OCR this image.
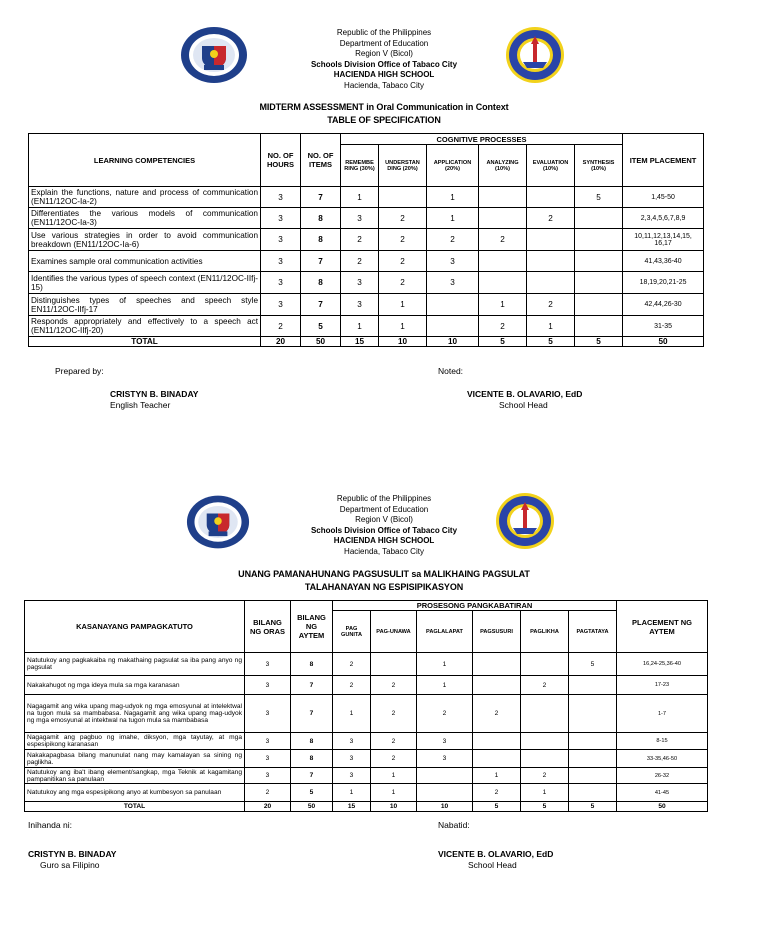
Republic of the Philippines
Department of Education
Region V (Bicol)
Schools Division Office of Tabaco City
HACIENDA HIGH SCHOOL
Hacienda, Tabaco City
MIDTERM ASSESSMENT in Oral Communication in Context
TABLE OF SPECIFICATION
LEARNING COMPETENCIES	NO. OF HOURS	NO. OF ITEMS	COGNITIVE PROCESSES						ITEM PLACEMENT
			REMEMBE RING (30%)	UNDERSTAN DING (20%)	APPLICATION (20%)	ANALYZING (10%)	EVALUATION (10%)	SYNTHESIS (10%)	
Explain the functions, nature and process of communication (EN11/12OC-Ia-2)	3	7	1		1			5	1,45-50
Differentiates the various models of communication (EN11/12OC-Ia-3)	3	8	3	2	1		2		2,3,4,5,6,7,8,9
Use various strategies in order to avoid communication breakdown (EN11/12OC-Ia-6)	3	8	2	2	2	2			10,11,12,13,14,15, 16,17
Examines sample oral communication activities	3	7	2	2	3				41,43,36-40
Identifies the various types of speech context (EN11/12OC-IIfj-15)	3	8	3	2	3				18,19,20,21-25
Distinguishes types of speeches and speech style EN11/12OC-IIfj-17	3	7	3	1		1	2		42,44,26-30
Responds appropriately and effectively to a speech act (EN11/12OC-IIfj-20)	2	5	1	1		2	1		31-35
TOTAL	20	50	15	10	10	5	5	5	50
Prepared by:	Noted:
CRISTYN B. BINADAY
English Teacher
VICENTE B. OLAVARIO, EdD
School Head
Republic of the Philippines
Department of Education
Region V (Bicol)
Schools Division Office of Tabaco City
HACIENDA HIGH SCHOOL
Hacienda, Tabaco City
UNANG PAMANAHUNANG PAGSUSULIT sa MALIKHAING PAGSULAT
TALAHANAYAN NG ESPISIPIKASYON
KASANAYANG PAMPAGKATUTO	BILANG NG ORAS	BILANG NG AYTEM	PROSESONG PANGKABATIRAN						PLACEMENT NG AYTEM
			PAG GUNITA	PAG-UNAWA	PAGLALAPAT	PAGSUSURI	PAGLIKHA	PAGTATAYA	
Natutukoy ang pagkakaiba ng makathaing pagsulat sa iba pang anyo ng pagsulat	3	8	2		1			5	16,24-25,36-40
Nakakahugot ng mga ideya mula sa mga karanasan	3	7	2	2	1		2		17-23
Nagagamit ang wika upang mag-udyok ng mga emosyunal at intelektwal na tugon mula sa mambabasa. Nagagamit ang wika upang mag-udyok ng mga emosyunal at intektwal na tugon mula sa mambabasa	3	7	1	2	2	2			1-7
Nagagamit ang pagbuo ng imahe, diksyon, mga tayutay, at mga espesipikong karanasan	3	8	3	2	3				8-15
Nakakapagbasa bilang manunulat nang may kamalayan sa sining ng paglikha.	3	8	3	2	3				33-35,46-50
Natutukoy ang iba't ibang element/sangkap, mga Teknik at kagamitang pampanitikan sa panulaan	3	7	3	1		1	2		26-32
Natutukoy ang mga espesipikong anyo at kumbesyon sa panulaan	2	5	1	1		2	1		41-45
TOTAL	20	50	15	10	10	5	5	5	50
Inihanda ni:	Nabatid:
CRISTYN B. BINADAY
Guro sa Filipino
VICENTE B. OLAVARIO, EdD
School Head
